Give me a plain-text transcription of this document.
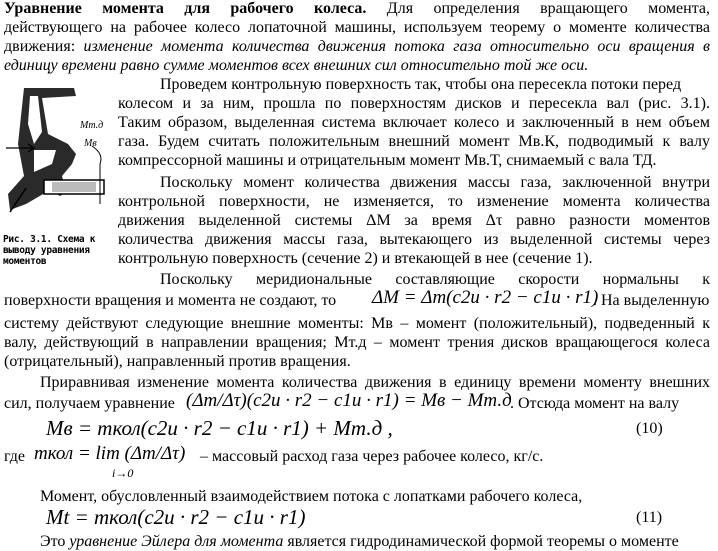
Уравнение момента для рабочего колеса. Для определения вращающего момента,
действующего на рабочее колесо лопаточной машины, используем теорему о моменте количества
движения: изменение момента количества движения потока газа относительно оси вращения в
единицу времени равно сумме моментов всех внешних сил относительно той же оси.
Мт.д
Мв
Рис. 3.1. Схема к
выводу уравнения
моментов
Проведем контрольную поверхность так, чтобы она пересекла потоки перед
колесом и за ним, прошла по поверхностям дисков и пересекла вал (рис. 3.1).
Таким образом, выделенная система включает колесо и заключенный в нем объем
газа. Будем считать положительным внешний момент Мв.К, подводимый к валу
компрессорной машины и отрицательным момент Мв.Т, снимаемый с вала ТД.
Поскольку момент количества движения массы газа, заключенной внутри
контрольной поверхности, не изменяется, то изменение момента количества
движения выделенной системы ΔM за время Δτ равно разности моментов
количества движения массы газа, вытекающего из выделенной системы через
контрольную поверхность (сечение 2) и втекающей в нее (сечение 1).
Поскольку меридиональные составляющие скорости нормальны к
поверхности вращения и момента не создают, то ΔM = Δm(c2u · r2 − c1u · r1)
. На выделенную
систему действуют следующие внешние моменты: Мв – момент (положительный), подведенный к
валу, действующий в направлении вращения; Мт.д – момент трения дисков вращающегося колеса
(отрицательный), направленный против вращения.
Приравнивая изменение момента количества движения в единицу времени моменту внешних
сил, получаем уравнение (Δm/Δτ)(c2u · r2 − c1u · r1) = Mв − Mт.д
. Отсюда момент на валу
Mв = mкол(c2u · r2 − c1u · r1) + Mт.д ,	(10)
где mкол = lim (Δm/Δτ)
i→0
– массовый расход газа через рабочее колесо, кг/с.
Момент, обусловленный взаимодействием потока с лопатками рабочего колеса,
Mt = mкол(c2u · r2 − c1u · r1)	(11)
Это уравнение Эйлера для момента является гидродинамической формой теоремы о моменте
